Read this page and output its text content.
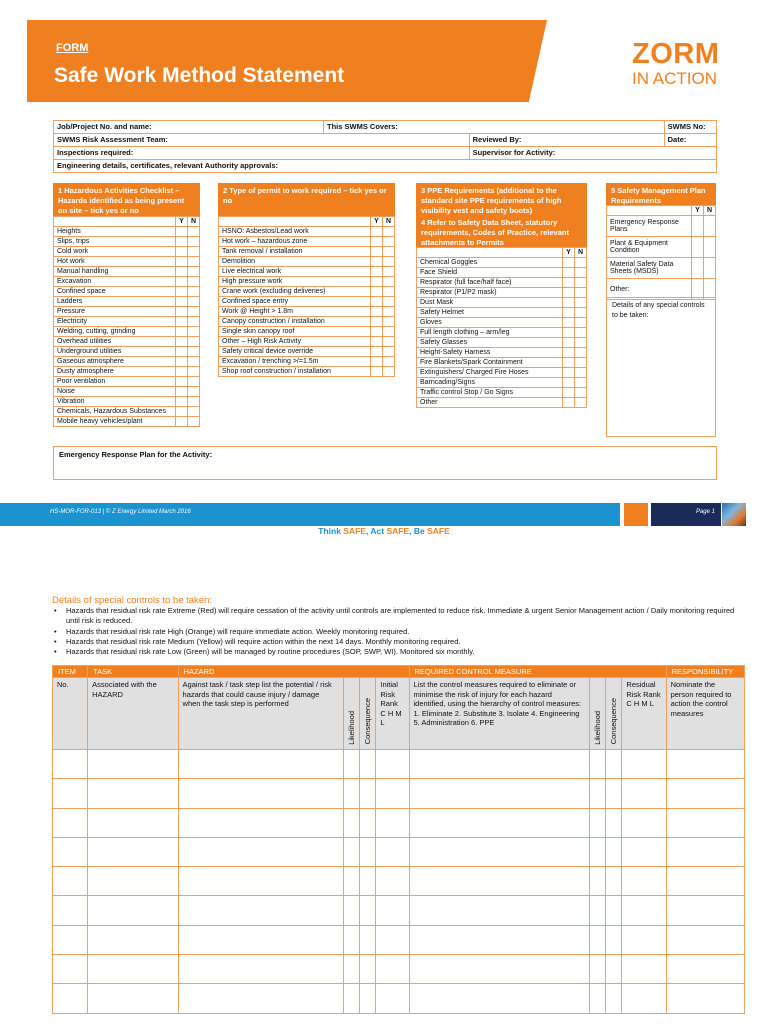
FORM
Safe Work Method Statement
ZORM
IN ACTION
Job/Project No. and name:	This SWMS Covers:		SWMS No:
SWMS Risk Assessment Team:		Reviewed By:	Date:
Inspections required:		Supervisor for Activity:	
Engineering details, certificates, relevant Authority approvals:			
1 Hazardous Activities Checklist – Hazards identified as being present on site – tick yes or no
	Y	N
Heights		
Slips, trips		
Cold work		
Hot work		
Manual handling		
Excavation		
Confined space		
Ladders		
Pressure		
Electricity		
Welding, cutting, grinding		
Overhead utilities		
Underground utilities		
Gaseous atmosphere		
Dusty atmosphere		
Poor ventilation		
Noise		
Vibration		
Chemicals, Hazardous Substances		
Mobile heavy vehicles/plant		
2 Type of permit to work required – tick yes or no
	Y	N
HSNO: Asbestos/Lead work		
Hot work – hazardous zone		
Tank removal / installation		
Demolition		
Live electrical work		
High pressure work		
Crane work (excluding deliveries)		
Confined space entry		
Work @ Height > 1.8m		
Canopy construction / installation		
Single skin canopy roof		
Other – High Risk Activity		
Safety critical device override		
Excavation / trenching >/=1.5m		
Shop roof construction / installation		
3 PPE Requirements (additional to the standard site PPE requirements of high visibility vest and safety boots)
4 Refer to Safety Data Sheet, statutory requirements, Codes of Practice, relevant attachments to Permits
	Y	N
Chemical Goggles		
Face Shield		
Respirator (full face/half face)		
Respirator (P1/P2 mask)		
Dust Mask		
Safety Helmet		
Gloves		
Full length clothing – arm/leg		
Safety Glasses		
Height-Safety Harness		
Fire Blankets/Spark Containment		
Extinguishers/ Charged Fire Hoses		
Barricading/Signs		
Traffic control Stop / Go Signs		
Other		
5 Safety Management Plan Requirements
	Y	N
Emergency Response Plans		
Plant & Equipment Condition		
Material Safety Data Sheets (MSDS)		
Other:		
Details of any special controls to be taken:
Emergency Response Plan for the Activity:
HS-MOR-FOR-013 | © Z Energy Limited March 2016	Page 1
Think SAFE, Act SAFE, Be SAFE
Details of special controls to be taken:
• Hazards that residual risk rate Extreme (Red) will require cessation of the activity until controls are implemented to reduce risk. Immediate & urgent Senior Management action / Daily monitoring required until risk is reduced.
• Hazards that residual risk rate High (Orange) will require immediate action. Weekly monitoring required.
• Hazards that residual risk rate Medium (Yellow) will require action within the next 14 days. Monthly monitoring required.
• Hazards that residual risk rate Low (Green) will be managed by routine procedures (SOP, SWP, WI). Monitored six monthly.
ITEM	TASK	HAZARD				REQUIRED CONTROL MEASURE				RESPONSIBILITY
No.	Associated with the HAZARD	Against task / task step list the potential / risk hazards that could cause injury / damage when the task step is performed	Likelihood	Consequence	Initial Risk Rank C H M L	List the control measures required to eliminate or minimise the risk of injury for each hazard identified, using the hierarchy of control measures: 1. Eliminate 2. Substitute 3. Isolate 4. Engineering 5. Administration 6. PPE	Likelihood	Consequence	Residual Risk Rank C H M L	Nominate the person required to action the control measures
